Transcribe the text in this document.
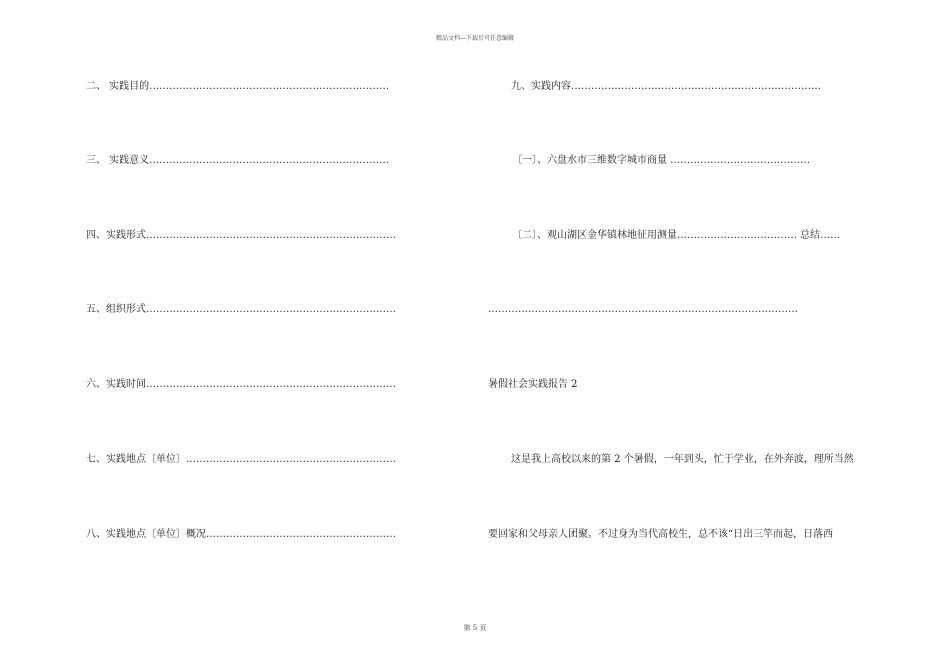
精品文档---下载后可任意编辑
二、 实践目的………………………………………………………………
三、 实践意义………………………………………………………………
四、实践形式…………………………………………………………………
五、组织形式…………………………………………………………………
六、实践时间…………………………………………………………………
七、实践地点〔单位〕………………………………………………………
八、实践地点〔单位〕概况…………………………………………………
九、实践内容…………………………………………………………………
〔一〕、六盘水市三维数字城市商量 ……………………………………
〔二〕、观山湖区金华镇林地征用测量……………………………… 总结……
…………………………………………………………………………………
暑假社会实践报告 2
这是我上高校以来的第 2 个暑假，一年到头，忙于学业，在外奔波，理所当然
要回家和父母亲人团聚。不过身为当代高校生，总不该“日出三竿而起，日落西
第 5 页
